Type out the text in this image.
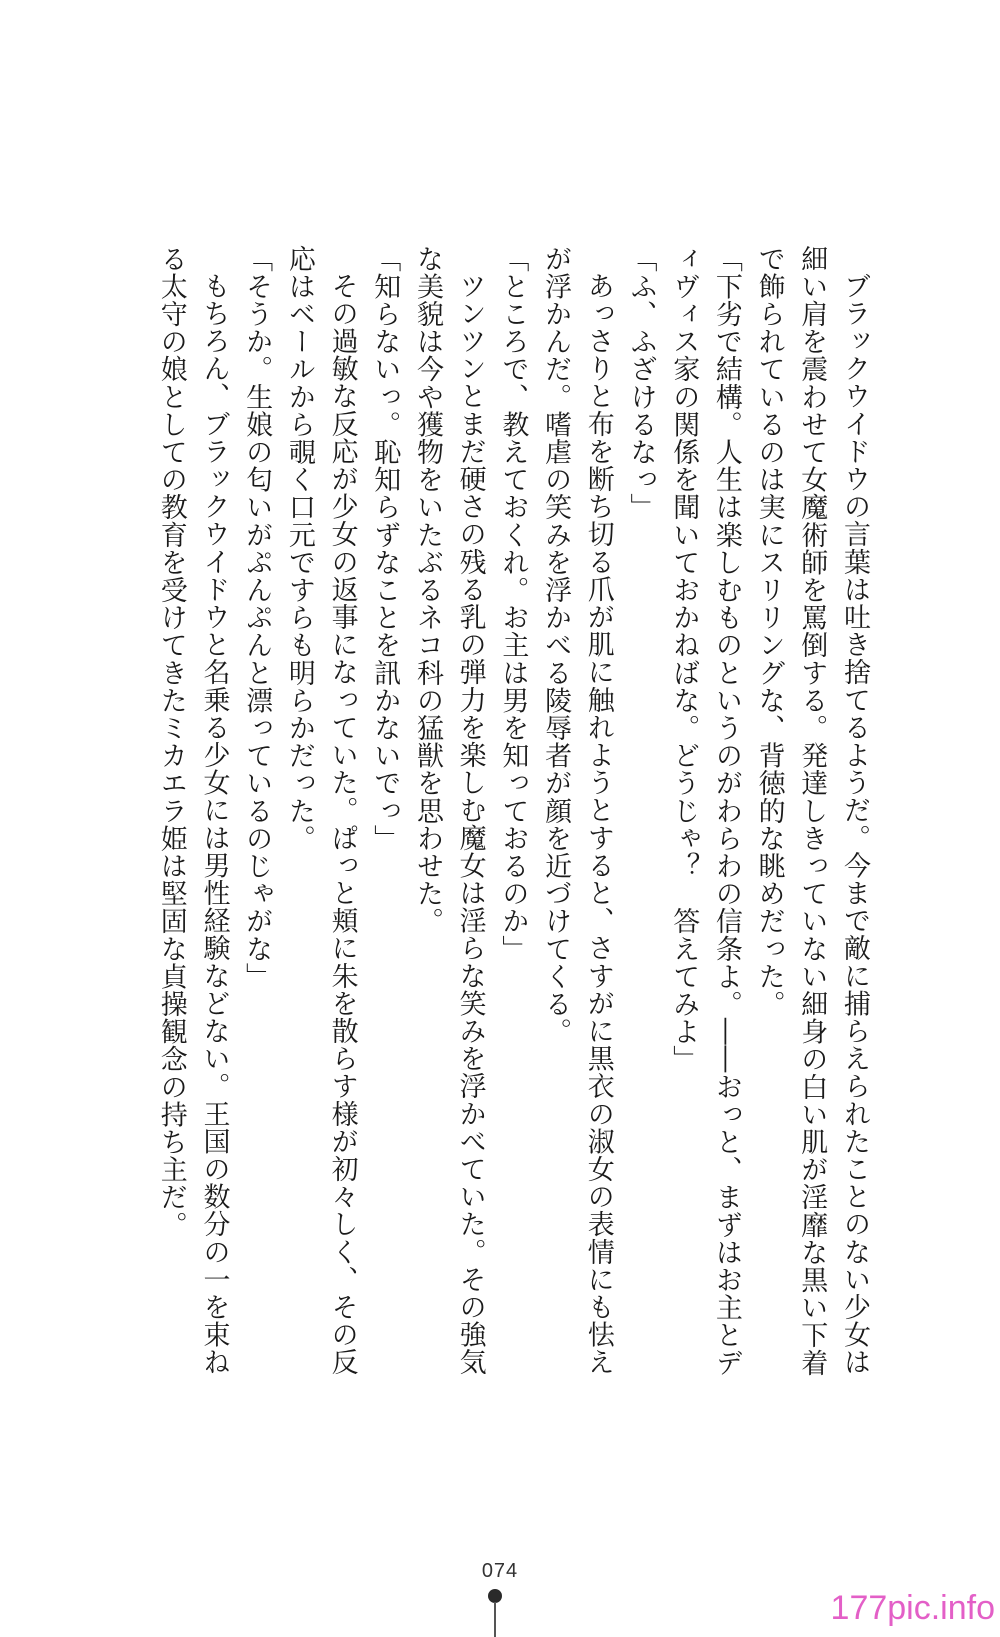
ブラックウイドウの言葉は吐き捨てるようだ。今まで敵に捕らえられたことのない少女は細い肩を震わせて女魔術師を罵倒する。発達しきっていない細身の白い肌が淫靡な黒い下着で飾られているのは実にスリリングな、背徳的な眺めだった。

「下劣で結構。人生は楽しむものというのがわらわの信条よ。――おっと、まずはお主とディヴィス家の関係を聞いておかねばな。どうじゃ？　答えてみよ」

「ふ、ふざけるなっ」

あっさりと布を断ち切る爪が肌に触れようとすると、さすがに黒衣の淑女の表情にも怯えが浮かんだ。嗜虐の笑みを浮かべる陵辱者が顔を近づけてくる。

「ところで、教えておくれ。お主は男を知っておるのか」

ツンツンとまだ硬さの残る乳の弾力を楽しむ魔女は淫らな笑みを浮かべていた。その強気な美貌は今や獲物をいたぶるネコ科の猛獣を思わせた。

「知らないっ。恥知らずなことを訊かないでっ」

その過敏な反応が少女の返事になっていた。ぱっと頬に朱を散らす様が初々しく、その反応はベールから覗く口元ですらも明らかだった。

「そうか。生娘の匂いがぷんぷんと漂っているのじゃがな」

もちろん、ブラックウイドウと名乗る少女には男性経験などない。王国の数分の一を束ねる太守の娘としての教育を受けてきたミカエラ姫は堅固な貞操観念の持ち主だ。

074
177pic.info
